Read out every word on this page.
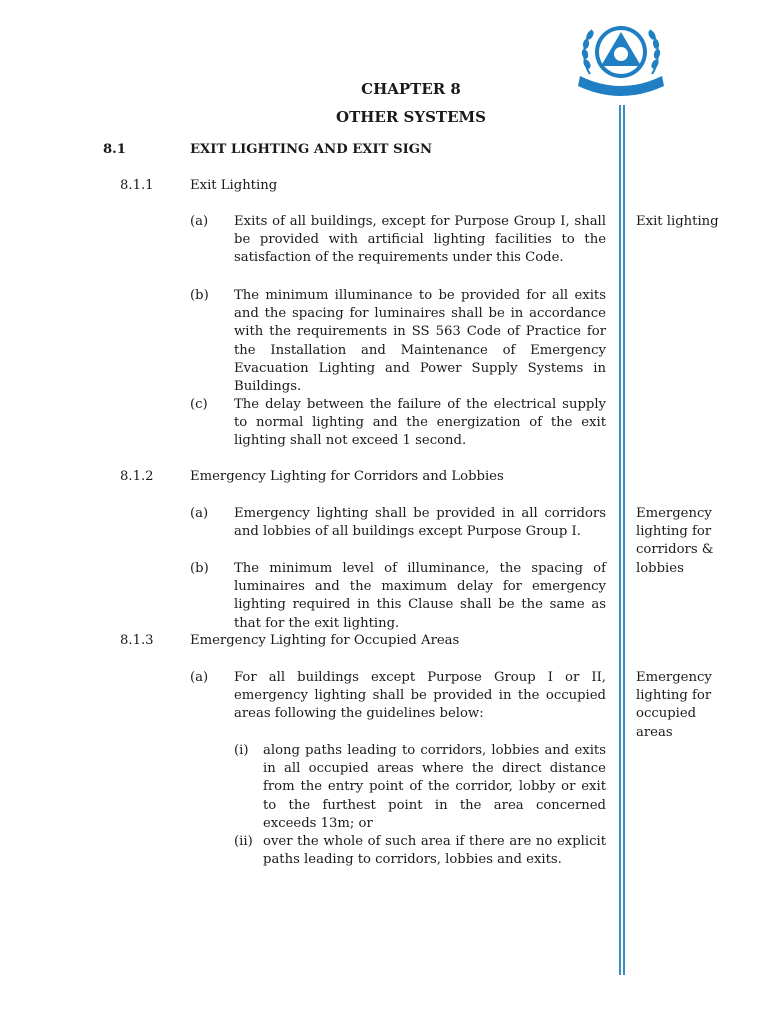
CHAPTER 8
OTHER SYSTEMS
8.1	EXIT LIGHTING AND EXIT SIGN
8.1.1	Exit Lighting
(a) Exits of all buildings, except for Purpose Group I, shall be provided with artificial lighting facilities to the satisfaction of the requirements under this Code.
(b) The minimum illuminance to be provided for all exits and the spacing for luminaires shall be in accordance with the requirements in SS 563 Code of Practice for the Installation and Maintenance of Emergency Evacuation Lighting and Power Supply Systems in Buildings.
(c) The delay between the failure of the electrical supply to normal lighting and the energization of the exit lighting shall not exceed 1 second.
Exit lighting
8.1.2	Emergency Lighting for Corridors and Lobbies
(a) Emergency lighting shall be provided in all corridors and lobbies of all buildings except Purpose Group I.
(b) The minimum level of illuminance, the spacing of luminaires and the maximum delay for emergency lighting required in this Clause shall be the same as that for the exit lighting.
Emergency lighting for corridors & lobbies
8.1.3	Emergency Lighting for Occupied Areas
(a) For all buildings except Purpose Group I or II, emergency lighting shall be provided in the occupied areas following the guidelines below:
(i) along paths leading to corridors, lobbies and exits in all occupied areas where the direct distance from the entry point of the corridor, lobby or exit to the furthest point in the area concerned exceeds 13m; or
(ii) over the whole of such area if there are no explicit paths leading to corridors, lobbies and exits.
Emergency lighting for occupied areas
